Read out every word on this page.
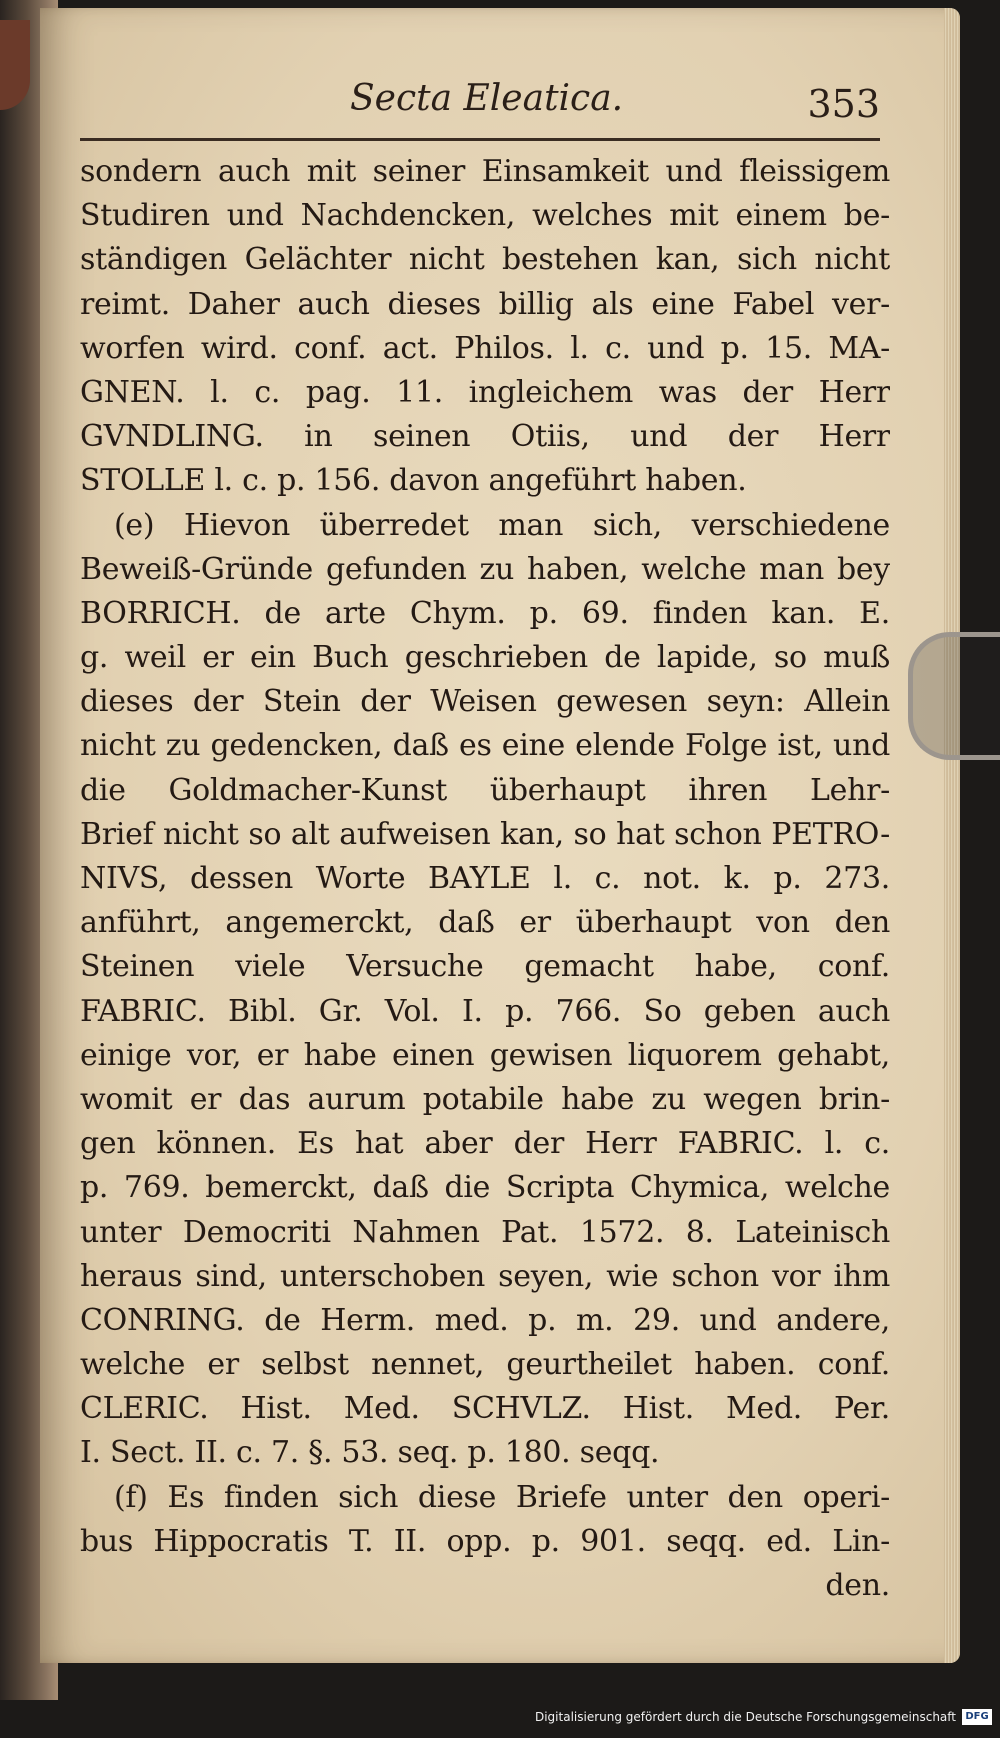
Secta Eleatica.	353
sondern auch mit seiner Einsamkeit und fleissigem
Studiren und Nachdencken, welches mit einem be-
ständigen Gelächter nicht bestehen kan, sich nicht
reimt. Daher auch dieses billig als eine Fabel ver-
worfen wird. conf. act. Philos. l. c. und p. 15. MA-
GNEN. l. c. pag. 11. ingleichem was der Herr
GVNDLING. in seinen Otiis, und der Herr
STOLLE l. c. p. 156. davon angeführt haben.
(e) Hievon überredet man sich, verschiedene
Beweiß-Gründe gefunden zu haben, welche man bey
BORRICH. de arte Chym. p. 69. finden kan. E.
g. weil er ein Buch geschrieben de lapide, so muß
dieses der Stein der Weisen gewesen seyn: Allein
nicht zu gedencken, daß es eine elende Folge ist, und
die Goldmacher-Kunst überhaupt ihren Lehr-
Brief nicht so alt aufweisen kan, so hat schon PETRO-
NIVS, dessen Worte BAYLE l. c. not. k. p. 273.
anführt, angemerckt, daß er überhaupt von den
Steinen viele Versuche gemacht habe, conf.
FABRIC. Bibl. Gr. Vol. I. p. 766. So geben auch
einige vor, er habe einen gewisen liquorem gehabt,
womit er das aurum potabile habe zu wegen brin-
gen können. Es hat aber der Herr FABRIC. l. c.
p. 769. bemerckt, daß die Scripta Chymica, welche
unter Democriti Nahmen Pat. 1572. 8. Lateinisch
heraus sind, unterschoben seyen, wie schon vor ihm
CONRING. de Herm. med. p. m. 29. und andere,
welche er selbst nennet, geurtheilet haben. conf.
CLERIC. Hist. Med. SCHVLZ. Hist. Med. Per.
I. Sect. II. c. 7. §. 53. seq. p. 180. seqq.
(f) Es finden sich diese Briefe unter den operi-
bus Hippocratis T. II. opp. p. 901. seqq. ed. Lin-
den.
Digitalisierung gefördert durch die Deutsche Forschungsgemeinschaft DFG
